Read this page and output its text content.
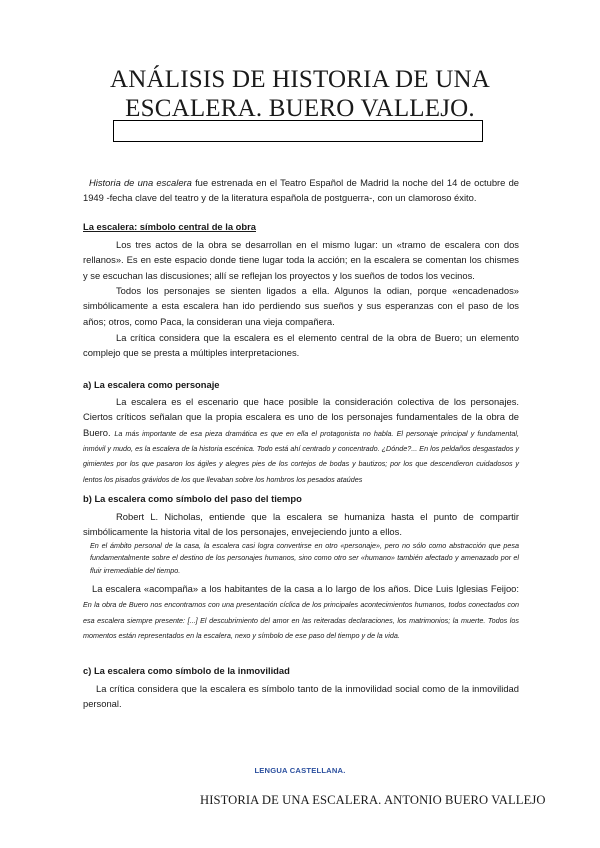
ANÁLISIS DE HISTORIA DE UNA
ESCALERA. BUERO VALLEJO.

Historia de una escalera fue estrenada en el Teatro Español de Madrid la noche del 14 de octubre de 1949 -fecha clave del teatro y de la literatura española de postguerra-, con un clamoroso éxito.

La escalera: símbolo central de la obra

Los tres actos de la obra se desarrollan en el mismo lugar: un «tramo de escalera con dos rellanos». Es en este espacio donde tiene lugar toda la acción; en la escalera se comentan los chismes y se escuchan las discusiones; allí se reflejan los proyectos y los sueños de todos los vecinos.

Todos los personajes se sienten ligados a ella. Algunos la odian, porque «encadenados» simbólicamente a esta escalera han ido perdiendo sus sueños y sus esperanzas con el paso de los años; otros, como Paca, la consideran una vieja compañera.

La crítica considera que la escalera es el elemento central de la obra de Buero; un elemento complejo que se presta a múltiples interpretaciones.

a) La escalera como personaje

La escalera es el escenario que hace posible la consideración colectiva de los personajes. Ciertos críticos señalan que la propia escalera es uno de los personajes fundamentales de la obra de Buero. La más importante de esa pieza dramática es que en ella el protagonista no habla. El personaje principal y fundamental, inmóvil y mudo, es la escalera de la historia escénica. Todo está ahí centrado y concentrado. ¿Dónde?... En los peldaños desgastados y gimientes por los que pasaron los ágiles y alegres pies de los cortejos de bodas y bautizos; por los que descendieron cuidadosos y lentos los pisados grávidos de los que llevaban sobre los hombros los pesados ataúdes

b) La escalera como símbolo del paso del tiempo

Robert L. Nicholas, entiende que la escalera se humaniza hasta el punto de compartir simbólicamente la historia vital de los personajes, envejeciendo junto a ellos.

En el ámbito personal de la casa, la escalera casi logra convertirse en otro «personaje», pero no sólo como abstracción que pesa fundamentalmente sobre el destino de los personajes humanos, sino como otro ser «humano» también afectado y amenazado por el fluir irremediable del tiempo.

La escalera «acompaña» a los habitantes de la casa a lo largo de los años. Dice Luis Iglesias Feijoo: En la obra de Buero nos encontramos con una presentación cíclica de los principales acontecimientos humanos, todos conectados con esa escalera siempre presente: [...] El descubrimiento del amor en las reiteradas declaraciones, los matrimonios; la muerte. Todos los momentos están representados en la escalera, nexo y símbolo de ese paso del tiempo y de la vida.

c) La escalera como símbolo de la inmovilidad

La crítica considera que la escalera es símbolo tanto de la inmovilidad social como de la inmovilidad personal.

LENGUA CASTELLANA.
HISTORIA DE UNA ESCALERA. ANTONIO BUERO VALLEJO
